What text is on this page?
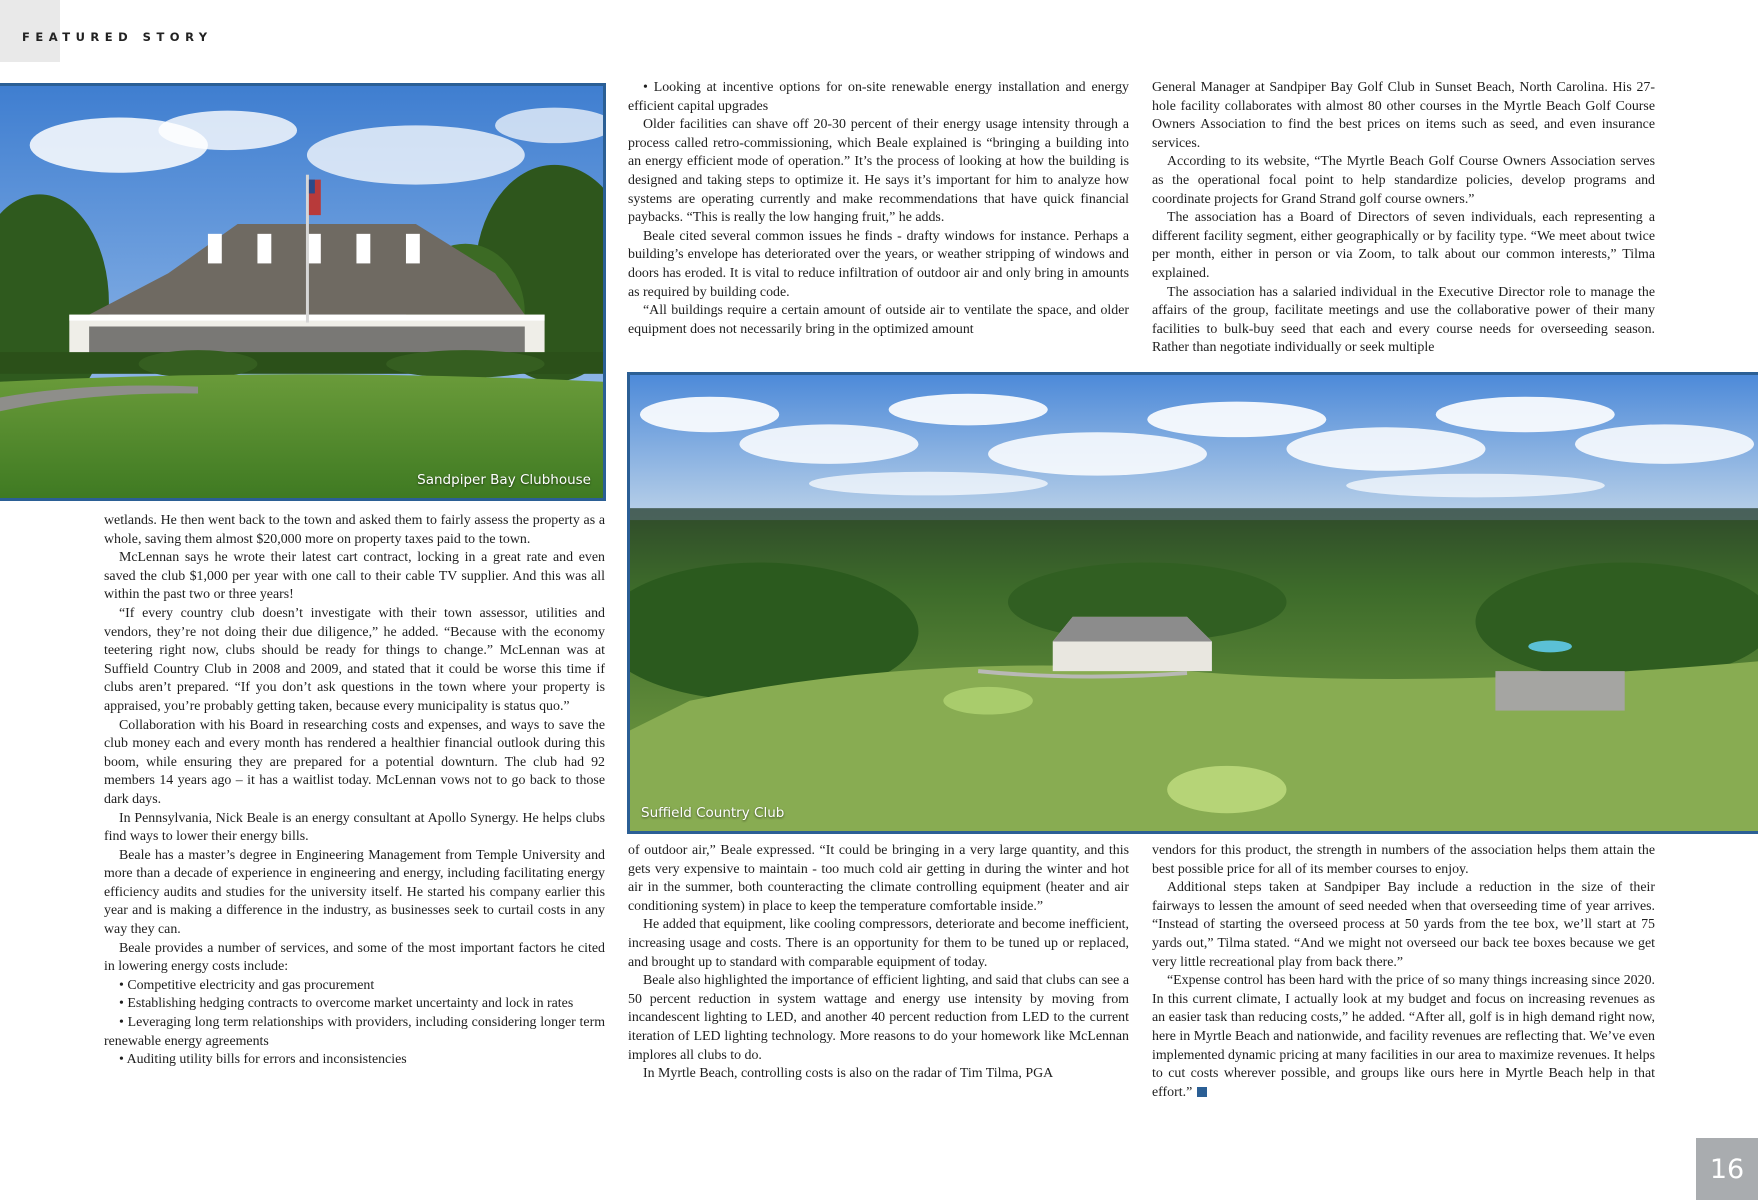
FEATURED STORY
Sandpiper Bay Clubhouse
Suffield Country Club

wetlands. He then went back to the town and asked them to fairly assess the property as a whole, saving them almost $20,000 more on property taxes paid to the town.

McLennan says he wrote their latest cart contract, locking in a great rate and even saved the club $1,000 per year with one call to their cable TV supplier. And this was all within the past two or three years!

“If every country club doesn’t investigate with their town assessor, utilities and vendors, they’re not doing their due diligence,” he added. “Because with the economy teetering right now, clubs should be ready for things to change.” McLennan was at Suffield Country Club in 2008 and 2009, and stated that it could be worse this time if clubs aren’t prepared. “If you don’t ask questions in the town where your property is appraised, you’re probably getting taken, because every municipality is status quo.”

Collaboration with his Board in researching costs and expenses, and ways to save the club money each and every month has rendered a healthier financial outlook during this boom, while ensuring they are prepared for a potential downturn. The club had 92 members 14 years ago – it has a waitlist today. McLennan vows not to go back to those dark days.

In Pennsylvania, Nick Beale is an energy consultant at Apollo Synergy. He helps clubs find ways to lower their energy bills.

Beale has a master’s degree in Engineering Management from Temple University and more than a decade of experience in engineering and energy, including facilitating energy efficiency audits and studies for the university itself. He started his company earlier this year and is making a difference in the industry, as businesses seek to curtail costs in any way they can.

Beale provides a number of services, and some of the most important factors he cited in lowering energy costs include:

• Competitive electricity and gas procurement

• Establishing hedging contracts to overcome market uncertainty and lock in rates

• Leveraging long term relationships with providers, including considering longer term renewable energy agreements

• Auditing utility bills for errors and inconsistencies

• Looking at incentive options for on-site renewable energy installation and energy efficient capital upgrades

Older facilities can shave off 20-30 percent of their energy usage intensity through a process called retro-commissioning, which Beale explained is “bringing a building into an energy efficient mode of operation.” It’s the process of looking at how the building is designed and taking steps to optimize it. He says it’s important for him to analyze how systems are operating currently and make recommendations that have quick financial paybacks. “This is really the low hanging fruit,” he adds.

Beale cited several common issues he finds - drafty windows for instance. Perhaps a building’s envelope has deteriorated over the years, or weather stripping of windows and doors has eroded. It is vital to reduce infiltration of outdoor air and only bring in amounts as required by building code.

“All buildings require a certain amount of outside air to ventilate the space, and older equipment does not necessarily bring in the optimized amount

General Manager at Sandpiper Bay Golf Club in Sunset Beach, North Carolina. His 27-hole facility collaborates with almost 80 other courses in the Myrtle Beach Golf Course Owners Association to find the best prices on items such as seed, and even insurance services.

According to its website, “The Myrtle Beach Golf Course Owners Association serves as the operational focal point to help standardize policies, develop programs and coordinate projects for Grand Strand golf course owners.”

The association has a Board of Directors of seven individuals, each representing a different facility segment, either geographically or by facility type. “We meet about twice per month, either in person or via Zoom, to talk about our common interests,” Tilma explained.

The association has a salaried individual in the Executive Director role to manage the affairs of the group, facilitate meetings and use the collaborative power of their many facilities to bulk-buy seed that each and every course needs for overseeding season. Rather than negotiate individually or seek multiple

of outdoor air,” Beale expressed. “It could be bringing in a very large quantity, and this gets very expensive to maintain - too much cold air getting in during the winter and hot air in the summer, both counteracting the climate controlling equipment (heater and air conditioning system) in place to keep the temperature comfortable inside.”

He added that equipment, like cooling compressors, deteriorate and become inefficient, increasing usage and costs. There is an opportunity for them to be tuned up or replaced, and brought up to standard with comparable equipment of today.

Beale also highlighted the importance of efficient lighting, and said that clubs can see a 50 percent reduction in system wattage and energy use intensity by moving from incandescent lighting to LED, and another 40 percent reduction from LED to the current iteration of LED lighting technology. More reasons to do your homework like McLennan implores all clubs to do.

In Myrtle Beach, controlling costs is also on the radar of Tim Tilma, PGA

vendors for this product, the strength in numbers of the association helps them attain the best possible price for all of its member courses to enjoy.

Additional steps taken at Sandpiper Bay include a reduction in the size of their fairways to lessen the amount of seed needed when that overseeding time of year arrives. “Instead of starting the overseed process at 50 yards from the tee box, we’ll start at 75 yards out,” Tilma stated. “And we might not overseed our back tee boxes because we get very little recreational play from back there.”

“Expense control has been hard with the price of so many things increasing since 2020. In this current climate, I actually look at my budget and focus on increasing revenues as an easier task than reducing costs,” he added. “After all, golf is in high demand right now, here in Myrtle Beach and nationwide, and facility revenues are reflecting that. We’ve even implemented dynamic pricing at many facilities in our area to maximize revenues. It helps to cut costs wherever possible, and groups like ours here in Myrtle Beach help in that effort.”

16
